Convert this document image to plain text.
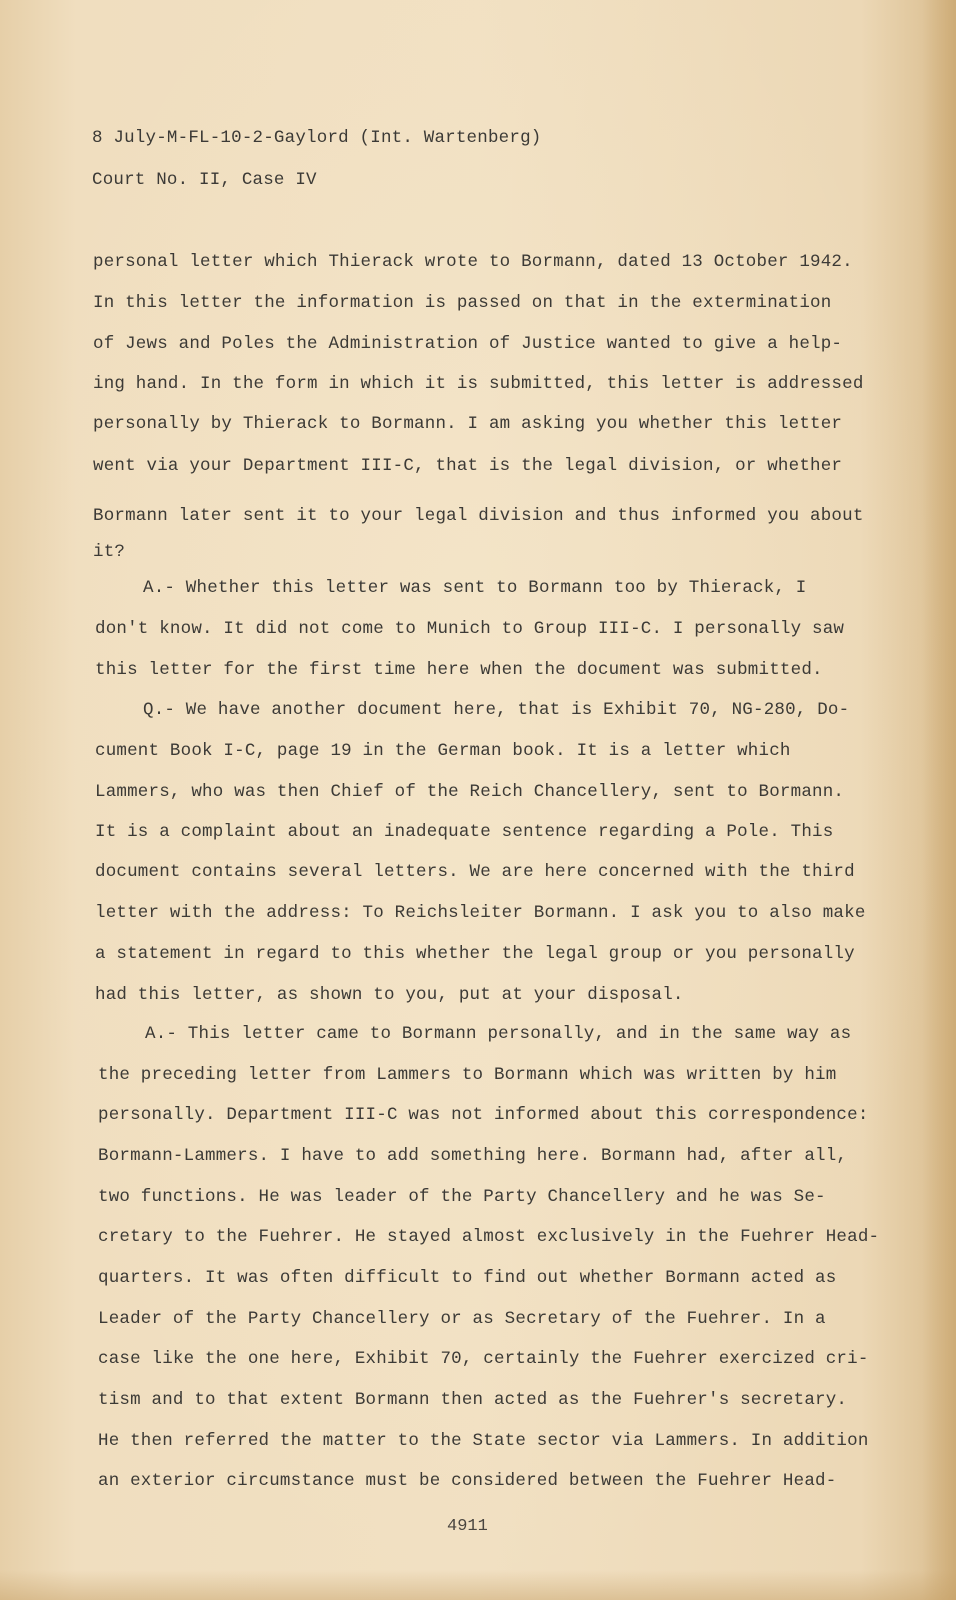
8 July-M-FL-10-2-Gaylord (Int. Wartenberg)
Court No. II, Case IV
personal letter which Thierack wrote to Bormann, dated 13 October 1942.
In this letter the information is passed on that in the extermination
of Jews and Poles the Administration of Justice wanted to give a help-
ing hand. In the form in which it is submitted, this letter is addressed
personally by Thierack to Bormann. I am asking you whether this letter
went via your Department III-C, that is the legal division, or whether
Bormann later sent it to your legal division and thus informed you about
it?
A.- Whether this letter was sent to Bormann too by Thierack, I
don't know. It did not come to Munich to Group III-C. I personally saw
this letter for the first time here when the document was submitted.
Q.- We have another document here, that is Exhibit 70, NG-280, Do-
cument Book I-C, page 19 in the German book. It is a letter which
Lammers, who was then Chief of the Reich Chancellery, sent to Bormann.
It is a complaint about an inadequate sentence regarding a Pole. This
document contains several letters. We are here concerned with the third
letter with the address: To Reichsleiter Bormann. I ask you to also make
a statement in regard to this whether the legal group or you personally
had this letter, as shown to you, put at your disposal.
A.- This letter came to Bormann personally, and in the same way as
the preceding letter from Lammers to Bormann which was written by him
personally. Department III-C was not informed about this correspondence:
Bormann-Lammers. I have to add something here. Bormann had, after all,
two functions. He was leader of the Party Chancellery and he was Se-
cretary to the Fuehrer. He stayed almost exclusively in the Fuehrer Head-
quarters. It was often difficult to find out whether Bormann acted as
Leader of the Party Chancellery or as Secretary of the Fuehrer. In a
case like the one here, Exhibit 70, certainly the Fuehrer exercized cri-
tism and to that extent Bormann then acted as the Fuehrer's secretary.
He then referred the matter to the State sector via Lammers. In addition
an exterior circumstance must be considered between the Fuehrer Head-
4911
